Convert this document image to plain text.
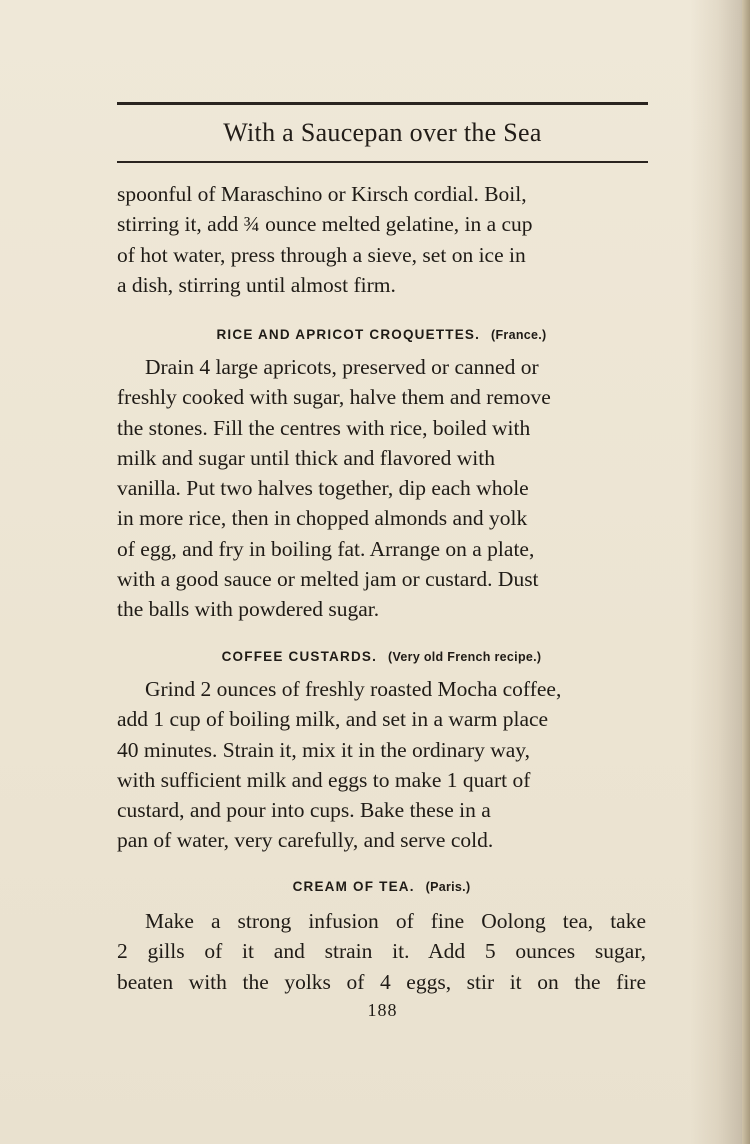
With a Saucepan over the Sea
spoonful of Maraschino or Kirsch cordial. Boil,
stirring it, add ¾ ounce melted gelatine, in a cup
of hot water, press through a sieve, set on ice in
a dish, stirring until almost firm.
RICE AND APRICOT CROQUETTES. (France.)
Drain 4 large apricots, preserved or canned or
freshly cooked with sugar, halve them and remove
the stones. Fill the centres with rice, boiled with
milk and sugar until thick and flavored with
vanilla. Put two halves together, dip each whole
in more rice, then in chopped almonds and yolk
of egg, and fry in boiling fat. Arrange on a plate,
with a good sauce or melted jam or custard. Dust
the balls with powdered sugar.
COFFEE CUSTARDS. (Very old French recipe.)
Grind 2 ounces of freshly roasted Mocha coffee,
add 1 cup of boiling milk, and set in a warm place
40 minutes. Strain it, mix it in the ordinary way,
with sufficient milk and eggs to make 1 quart of
custard, and pour into cups. Bake these in a
pan of water, very carefully, and serve cold.
CREAM OF TEA. (Paris.)
Make a strong infusion of fine Oolong tea, take
2 gills of it and strain it. Add 5 ounces sugar,
beaten with the yolks of 4 eggs, stir it on the fire
188
